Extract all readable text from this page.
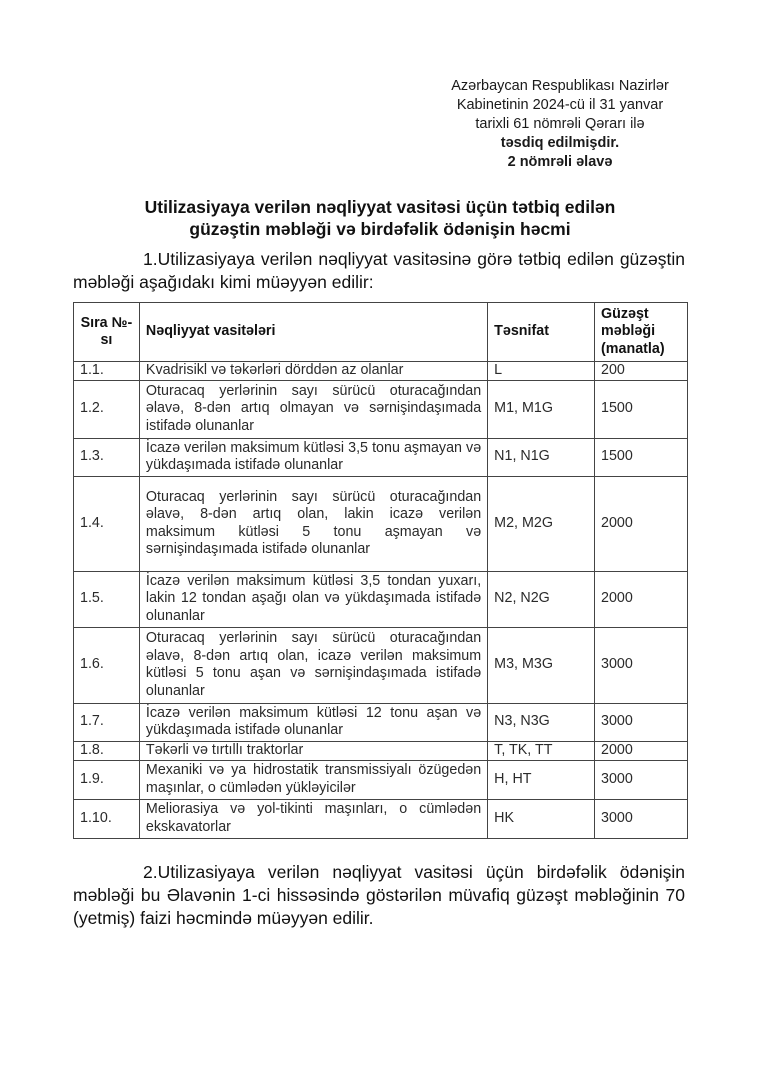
Azərbaycan Respublikası Nazirlər
Kabinetinin 2024-cü il 31 yanvar
tarixli 61 nömrəli Qərarı ilə
təsdiq edilmişdir.
2 nömrəli əlavə
Utilizasiyaya verilən nəqliyyat vasitəsi üçün tətbiq edilən
güzəştin məbləği və birdəfəlik ödənişin həcmi
1.Utilizasiyaya verilən nəqliyyat vasitəsinə görə tətbiq edilən güzəştin məbləği aşağıdakı kimi müəyyən edilir:
Sıra №-sı	Nəqliyyat vasitələri	Təsnifat	Güzəşt məbləği (manatla)
1.1.	Kvadrisikl və təkərləri dörddən az olanlar	L	200
1.2.	Oturacaq yerlərinin sayı sürücü oturacağından əlavə, 8-dən artıq olmayan və sərnişindaşımada istifadə olunanlar	M1, M1G	1500
1.3.	İcazə verilən maksimum kütləsi 3,5 tonu aşmayan və yükdaşımada istifadə olunanlar	N1, N1G	1500
1.4.	Oturacaq yerlərinin sayı sürücü oturacağından əlavə, 8-dən artıq olan, lakin icazə verilən maksimum kütləsi 5 tonu aşmayan və sərnişindaşımada istifadə olunanlar	M2, M2G	2000
1.5.	İcazə verilən maksimum kütləsi 3,5 tondan yuxarı, lakin 12 tondan aşağı olan və yükdaşımada istifadə olunanlar	N2, N2G	2000
1.6.	Oturacaq yerlərinin sayı sürücü oturacağından əlavə, 8-dən artıq olan, icazə verilən maksimum kütləsi 5 tonu aşan və sərnişindaşımada istifadə olunanlar	M3, M3G	3000
1.7.	İcazə verilən maksimum kütləsi 12 tonu aşan və yükdaşımada istifadə olunanlar	N3, N3G	3000
1.8.	Təkərli və tırtıllı traktorlar	T, TK, TT	2000
1.9.	Mexaniki və ya hidrostatik transmissiyalı özügedən maşınlar, o cümlədən yükləyicilər	H, HT	3000
1.10.	Meliorasiya və yol-tikinti maşınları, o cümlədən ekskavatorlar	HK	3000
2.Utilizasiyaya verilən nəqliyyat vasitəsi üçün birdəfəlik ödənişin məbləği bu Əlavənin 1-ci hissəsində göstərilən müvafiq güzəşt məbləğinin 70 (yetmiş) faizi həcmində müəyyən edilir.
